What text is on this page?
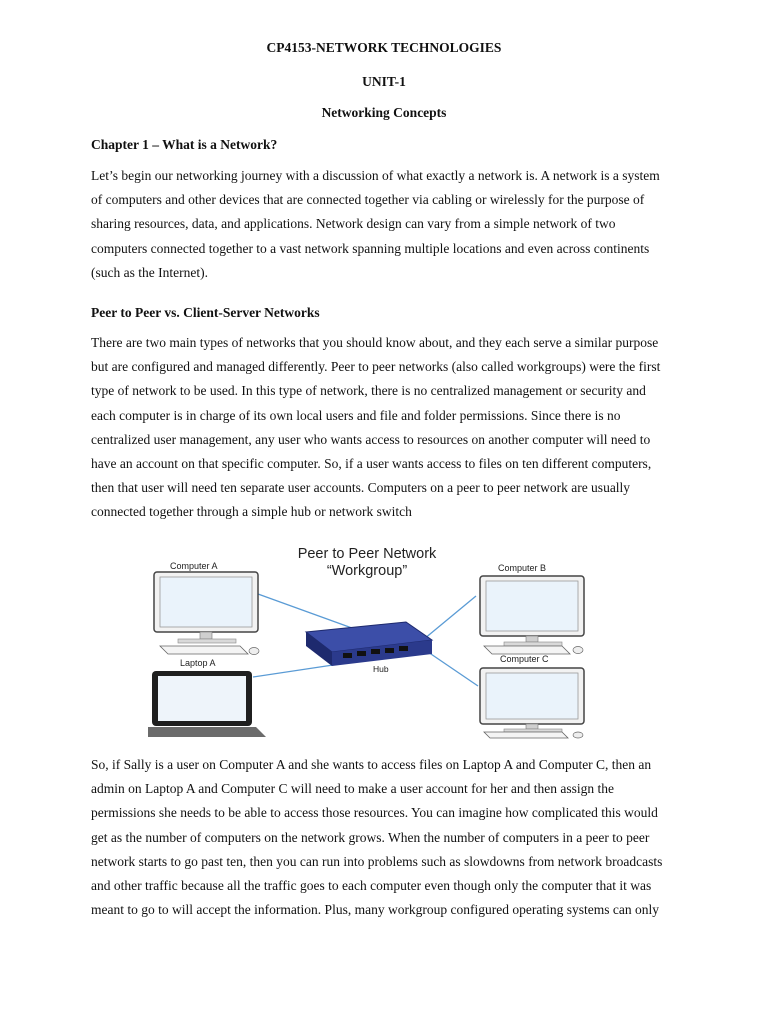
CP4153-NETWORK TECHNOLOGIES
UNIT-1
Networking Concepts
Chapter 1 – What is a Network?
Let’s begin our networking journey with a discussion of what exactly a network is. A network is a system
of computers and other devices that are connected together via cabling or wirelessly for the purpose of
sharing resources, data, and applications. Network design can vary from a simple network of two
computers connected together to a vast network spanning multiple locations and even across continents
(such as the Internet).
Peer to Peer vs. Client-Server Networks
There are two main types of networks that you should know about, and they each serve a similar purpose
but are configured and managed differently. Peer to peer networks (also called workgroups) were the first
type of network to be used. In this type of network, there is no centralized management or security and
each computer is in charge of its own local users and file and folder permissions. Since there is no
centralized user management, any user who wants access to resources on another computer will need to
have an account on that specific computer. So, if a user wants access to files on ten different computers,
then that user will need ten separate user accounts. Computers on a peer to peer network are usually
connected together through a simple hub or network switch
Peer to Peer Network
“Workgroup”
Computer A
Laptop A
Hub
Computer B
Computer C
So, if Sally is a user on Computer A and she wants to access files on Laptop A and Computer C, then an
admin on Laptop A and Computer C will need to make a user account for her and then assign the
permissions she needs to be able to access those resources. You can imagine how complicated this would
get as the number of computers on the network grows. When the number of computers in a peer to peer
network starts to go past ten, then you can run into problems such as slowdowns from network broadcasts
and other traffic because all the traffic goes to each computer even though only the computer that it was
meant to go to will accept the information. Plus, many workgroup configured operating systems can only
